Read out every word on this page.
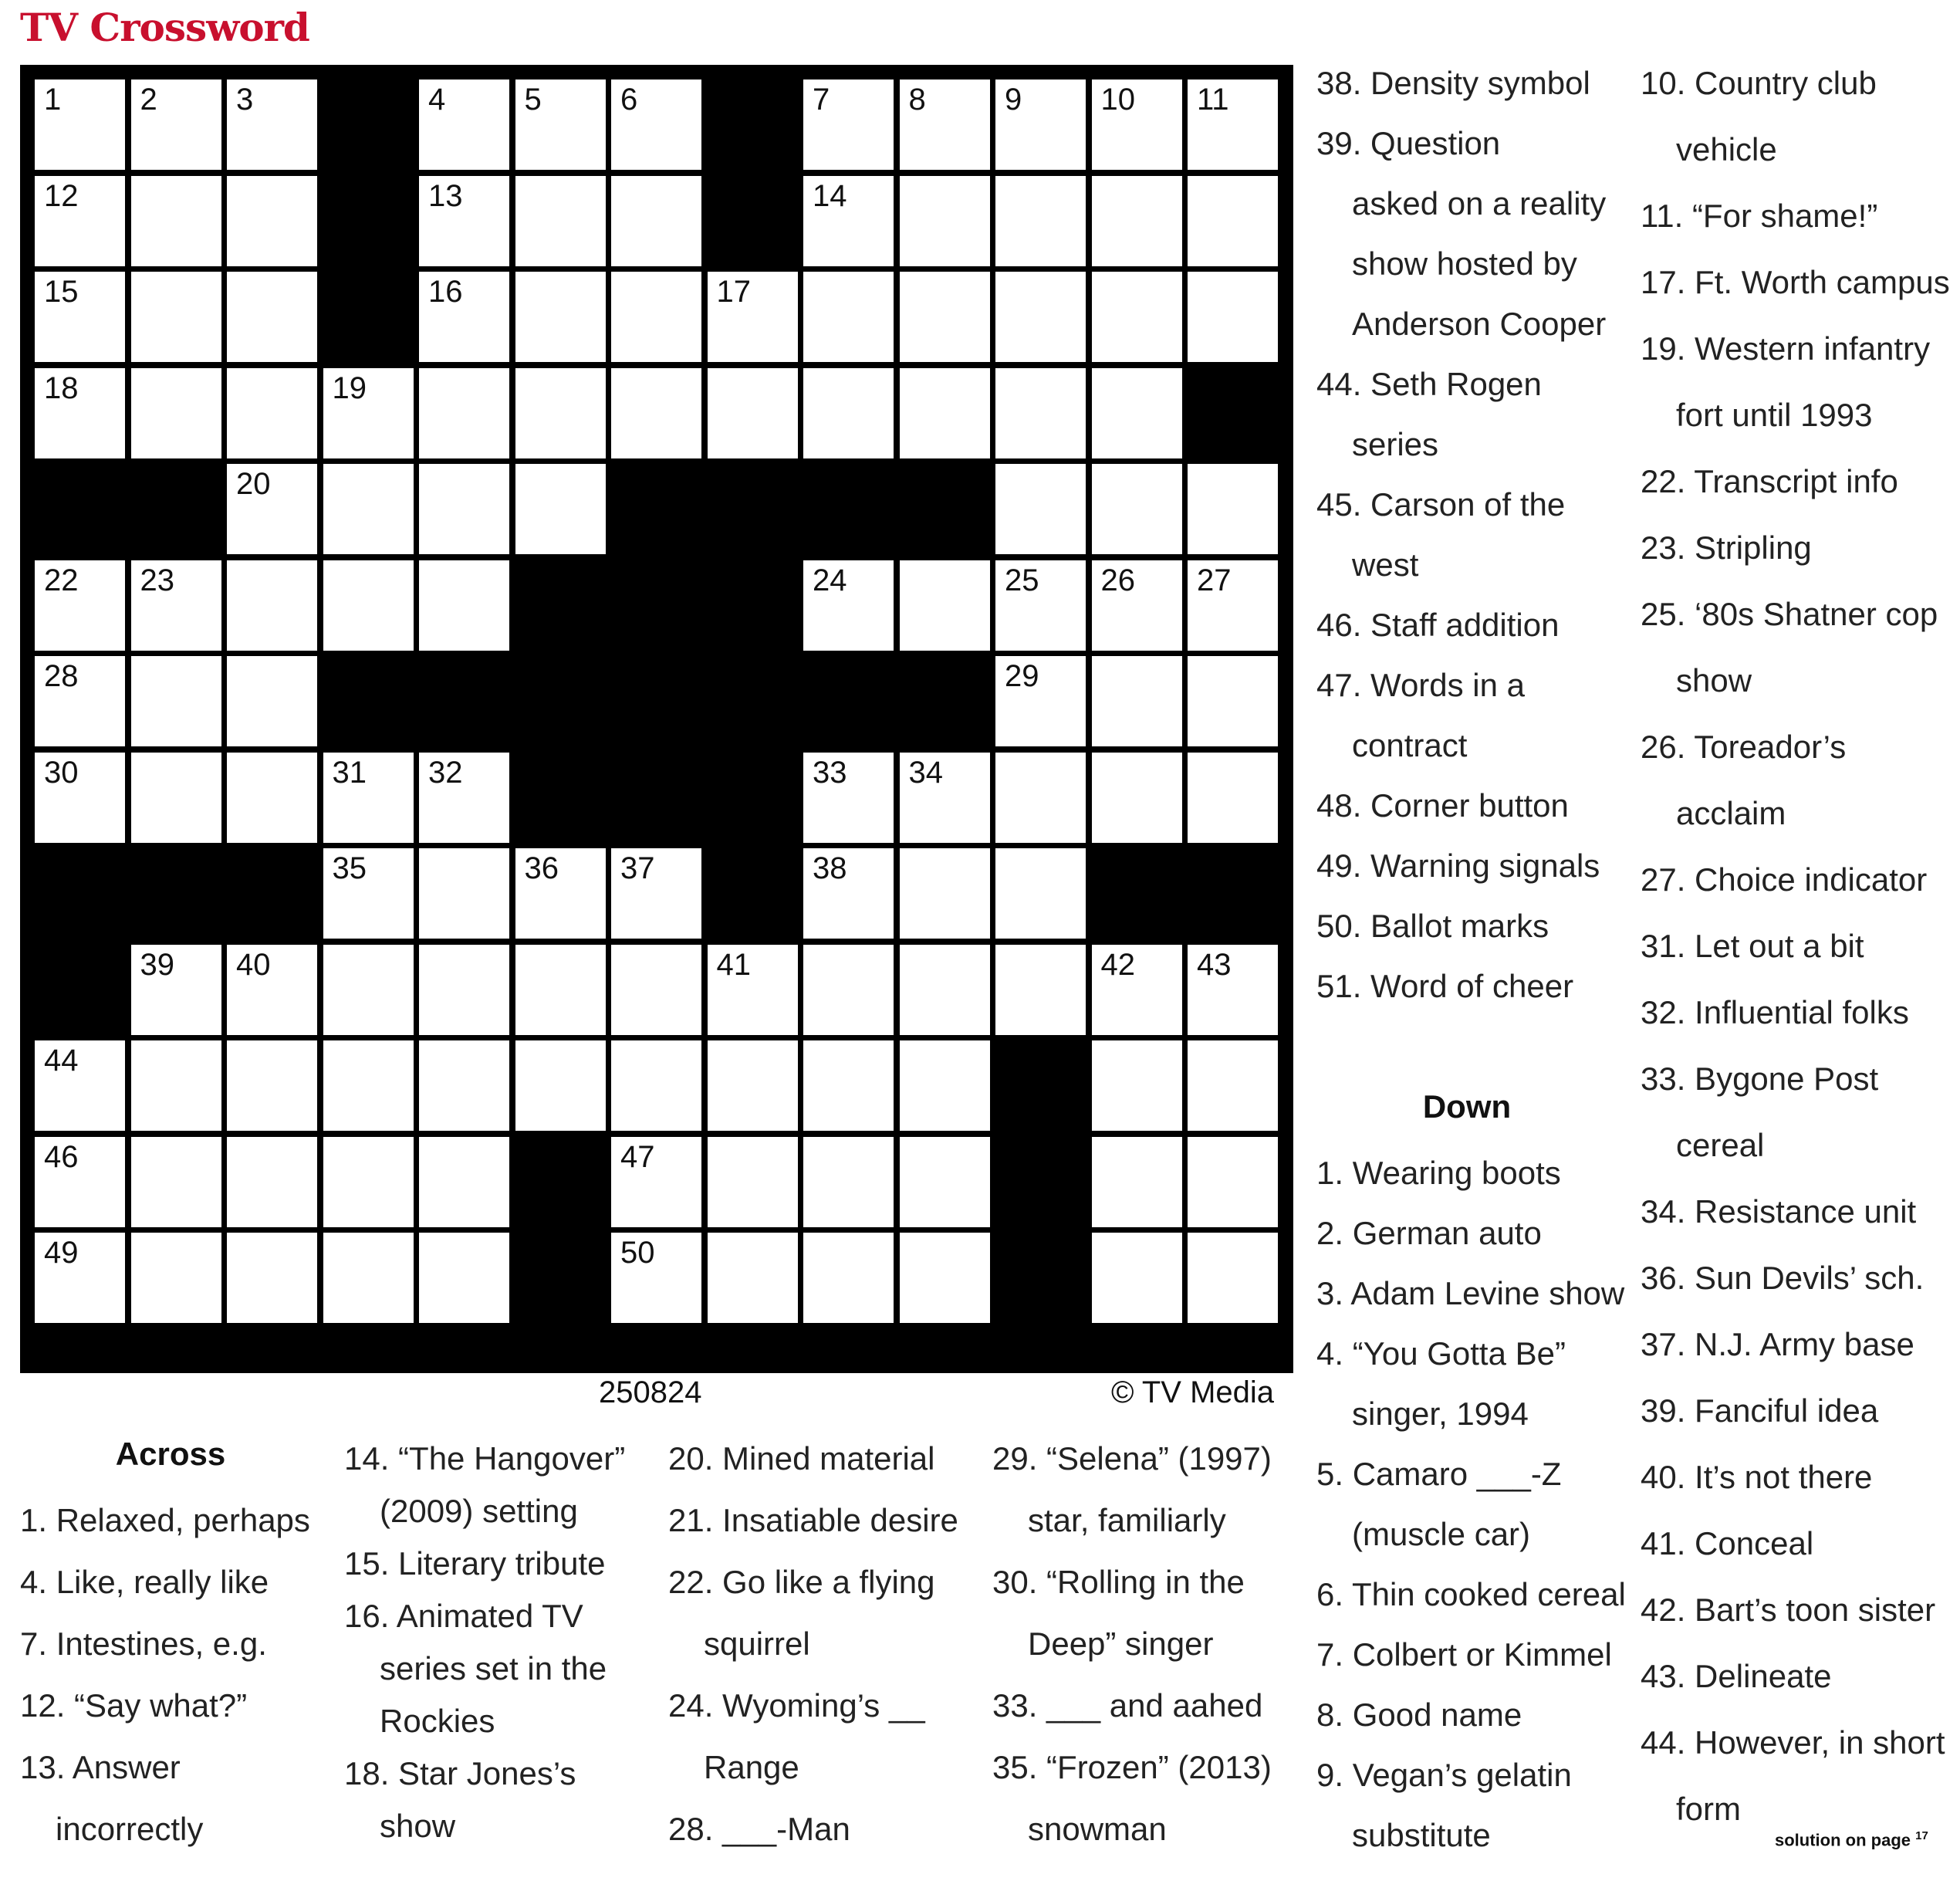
TV Crossword
1	2	3	4	5	6	7	8	9	10 11
12	13	14
15	16	17
18	19
20
22 23	24	25 26 27
28	29
30	31 32	33 34
35	36 37	38
39 40	41	42 43
44
46	47
49	50
250824	© TV Media
Across
1. Relaxed, perhaps
4. Like, really like
7. Intestines, e.g.
12. “Say what?”
13. Answer
incorrectly
14. “The Hangover”
(2009) setting
15. Literary tribute
16. Animated TV
series set in the
Rockies
18. Star Jones’s
show
20. Mined material
21. Insatiable desire
22. Go like a flying
squirrel
24. Wyoming’s __
Range
28. ___-Man
29. “Selena” (1997)
star, familiarly
30. “Rolling in the
Deep” singer
33. ___ and aahed
35. “Frozen” (2013)
snowman
38. Density symbol
39. Question
asked on a reality
show hosted by
Anderson Cooper
44. Seth Rogen
series
45. Carson of the
west
46. Staff addition
47. Words in a
contract
48. Corner button
49. Warning signals
50. Ballot marks
51. Word of cheer
Down
1. Wearing boots
2. German auto
3. Adam Levine show
4. “You Gotta Be”
singer, 1994
5. Camaro ___-Z
(muscle car)
6. Thin cooked cereal
7. Colbert or Kimmel
8. Good name
9. Vegan’s gelatin
substitute
10. Country club
vehicle
11. “For shame!”
17. Ft. Worth campus
19. Western infantry
fort until 1993
22. Transcript info
23. Stripling
25. ‘80s Shatner cop
show
26. Toreador’s
acclaim
27. Choice indicator
31. Let out a bit
32. Influential folks
33. Bygone Post
cereal
34. Resistance unit
36. Sun Devils’ sch.
37. N.J. Army base
39. Fanciful idea
40. It’s not there
41. Conceal
42. Bart’s toon sister
43. Delineate
44. However, in short
form
solution on page $^{17}$
